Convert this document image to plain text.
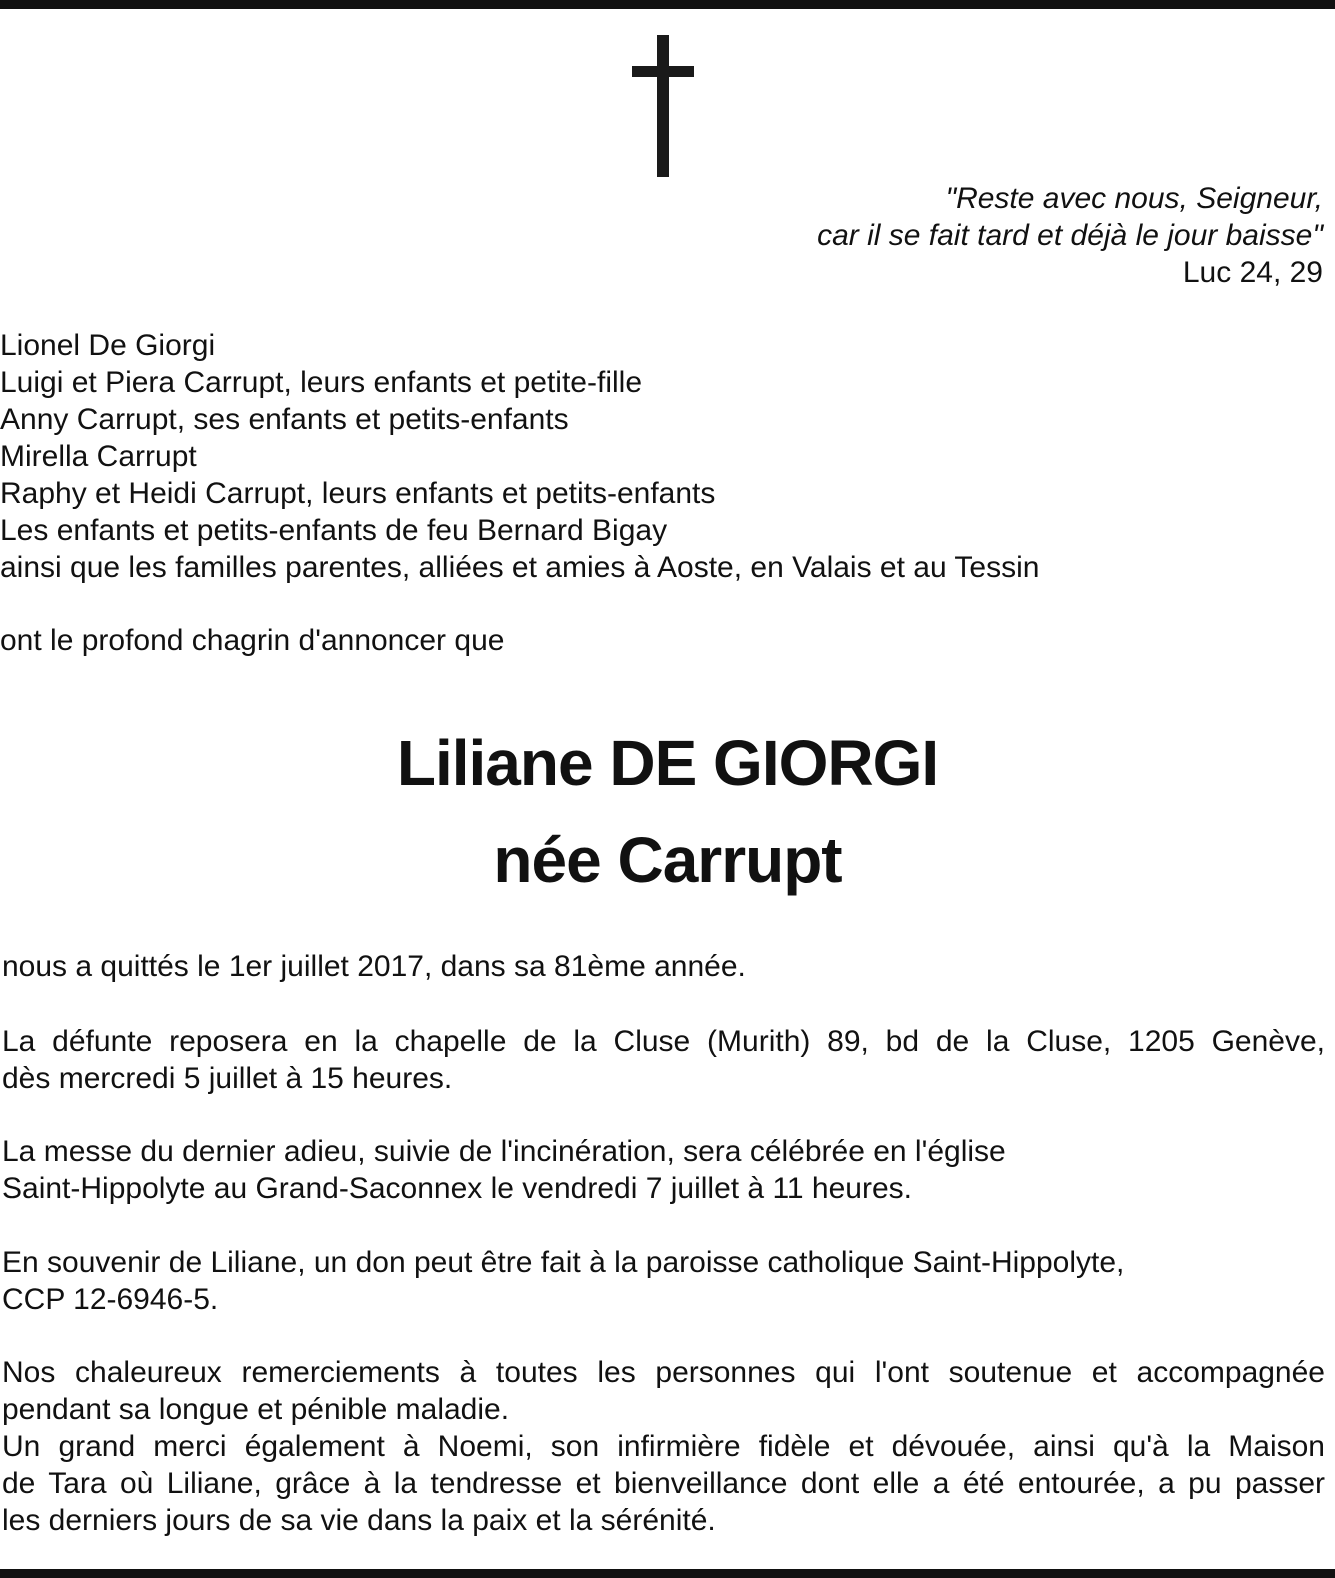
"Reste avec nous, Seigneur,
car il se fait tard et déjà le jour baisse"
Luc 24, 29
Lionel De Giorgi
Luigi et Piera Carrupt, leurs enfants et petite-fille
Anny Carrupt, ses enfants et petits-enfants
Mirella Carrupt
Raphy et Heidi Carrupt, leurs enfants et petits-enfants
Les enfants et petits-enfants de feu Bernard Bigay
ainsi que les familles parentes, alliées et amies à Aoste, en Valais et au Tessin
ont le profond chagrin d'annoncer que
Liliane DE GIORGI
née Carrupt
nous a quittés le 1er juillet 2017, dans sa 81ème année.
La défunte reposera en la chapelle de la Cluse (Murith) 89, bd de la Cluse, 1205 Genève,
dès mercredi 5 juillet à 15 heures.
La messe du dernier adieu, suivie de l'incinération, sera célébrée en l'église
Saint-Hippolyte au Grand-Saconnex le vendredi 7 juillet à 11 heures.
En souvenir de Liliane, un don peut être fait à la paroisse catholique Saint-Hippolyte,
CCP 12-6946-5.
Nos chaleureux remerciements à toutes les personnes qui l'ont soutenue et accompagnée
pendant sa longue et pénible maladie.
Un grand merci également à Noemi, son infirmière fidèle et dévouée, ainsi qu'à la Maison
de Tara où Liliane, grâce à la tendresse et bienveillance dont elle a été entourée, a pu passer
les derniers jours de sa vie dans la paix et la sérénité.
